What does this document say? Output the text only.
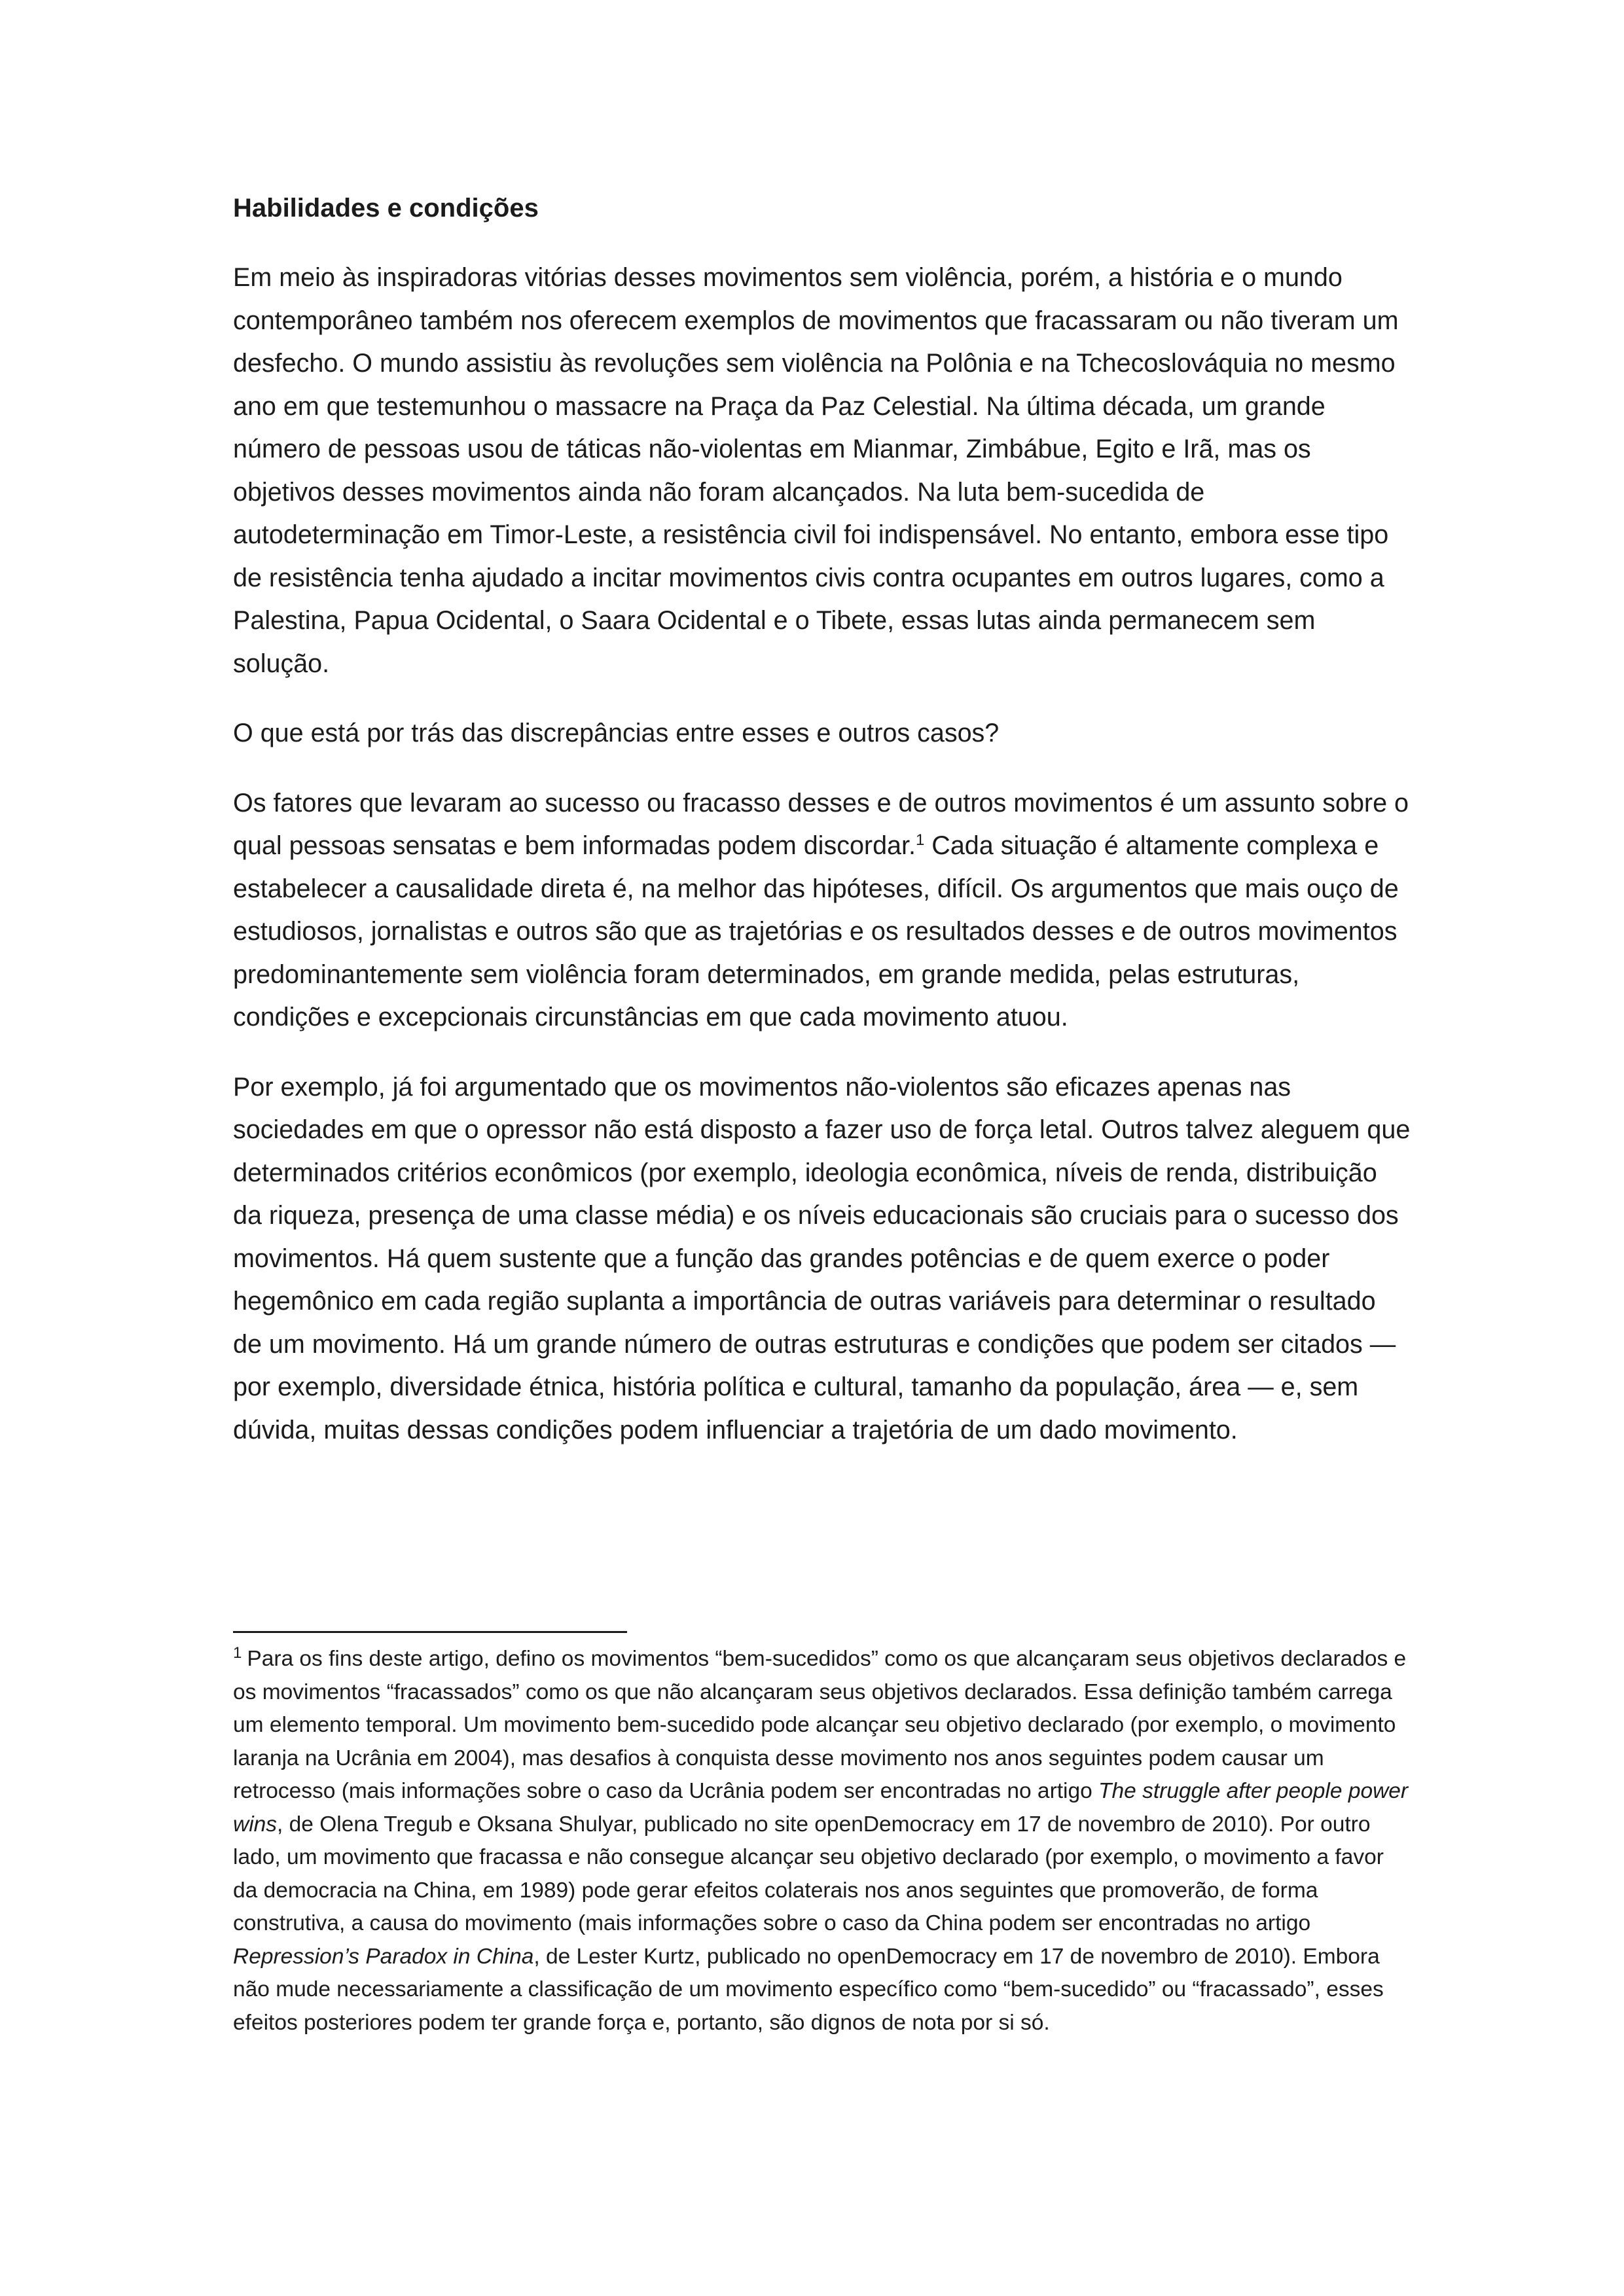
Habilidades e condições

Em meio às inspiradoras vitórias desses movimentos sem violência, porém, a história e o mundo contemporâneo também nos oferecem exemplos de movimentos que fracassaram ou não tiveram um desfecho. O mundo assistiu às revoluções sem violência na Polônia e na Tchecoslováquia no mesmo ano em que testemunhou o massacre na Praça da Paz Celestial. Na última década, um grande número de pessoas usou de táticas não-violentas em Mianmar, Zimbábue, Egito e Irã, mas os objetivos desses movimentos ainda não foram alcançados. Na luta bem-sucedida de autodeterminação em Timor-Leste, a resistência civil foi indispensável. No entanto, embora esse tipo de resistência tenha ajudado a incitar movimentos civis contra ocupantes em outros lugares, como a Palestina, Papua Ocidental, o Saara Ocidental e o Tibete, essas lutas ainda permanecem sem solução.

O que está por trás das discrepâncias entre esses e outros casos?

Os fatores que levaram ao sucesso ou fracasso desses e de outros movimentos é um assunto sobre o qual pessoas sensatas e bem informadas podem discordar.$^1$ Cada situação é altamente complexa e estabelecer a causalidade direta é, na melhor das hipóteses, difícil. Os argumentos que mais ouço de estudiosos, jornalistas e outros são que as trajetórias e os resultados desses e de outros movimentos predominantemente sem violência foram determinados, em grande medida, pelas estruturas, condições e excepcionais circunstâncias em que cada movimento atuou.

Por exemplo, já foi argumentado que os movimentos não-violentos são eficazes apenas nas sociedades em que o opressor não está disposto a fazer uso de força letal. Outros talvez aleguem que determinados critérios econômicos (por exemplo, ideologia econômica, níveis de renda, distribuição da riqueza, presença de uma classe média) e os níveis educacionais são cruciais para o sucesso dos movimentos. Há quem sustente que a função das grandes potências e de quem exerce o poder hegemônico em cada região suplanta a importância de outras variáveis para determinar o resultado de um movimento. Há um grande número de outras estruturas e condições que podem ser citados — por exemplo, diversidade étnica, história política e cultural, tamanho da população, área — e, sem dúvida, muitas dessas condições podem influenciar a trajetória de um dado movimento.

$^1$ Para os fins deste artigo, defino os movimentos “bem-sucedidos” como os que alcançaram seus objetivos declarados e os movimentos “fracassados” como os que não alcançaram seus objetivos declarados. Essa definição também carrega um elemento temporal. Um movimento bem-sucedido pode alcançar seu objetivo declarado (por exemplo, o movimento laranja na Ucrânia em 2004), mas desafios à conquista desse movimento nos anos seguintes podem causar um retrocesso (mais informações sobre o caso da Ucrânia podem ser encontradas no artigo The struggle after people power wins, de Olena Tregub e Oksana Shulyar, publicado no site openDemocracy em 17 de novembro de 2010). Por outro lado, um movimento que fracassa e não consegue alcançar seu objetivo declarado (por exemplo, o movimento a favor da democracia na China, em 1989) pode gerar efeitos colaterais nos anos seguintes que promoverão, de forma construtiva, a causa do movimento (mais informações sobre o caso da China podem ser encontradas no artigo Repression’s Paradox in China, de Lester Kurtz, publicado no openDemocracy em 17 de novembro de 2010). Embora não mude necessariamente a classificação de um movimento específico como “bem-sucedido” ou “fracassado”, esses efeitos posteriores podem ter grande força e, portanto, são dignos de nota por si só.
